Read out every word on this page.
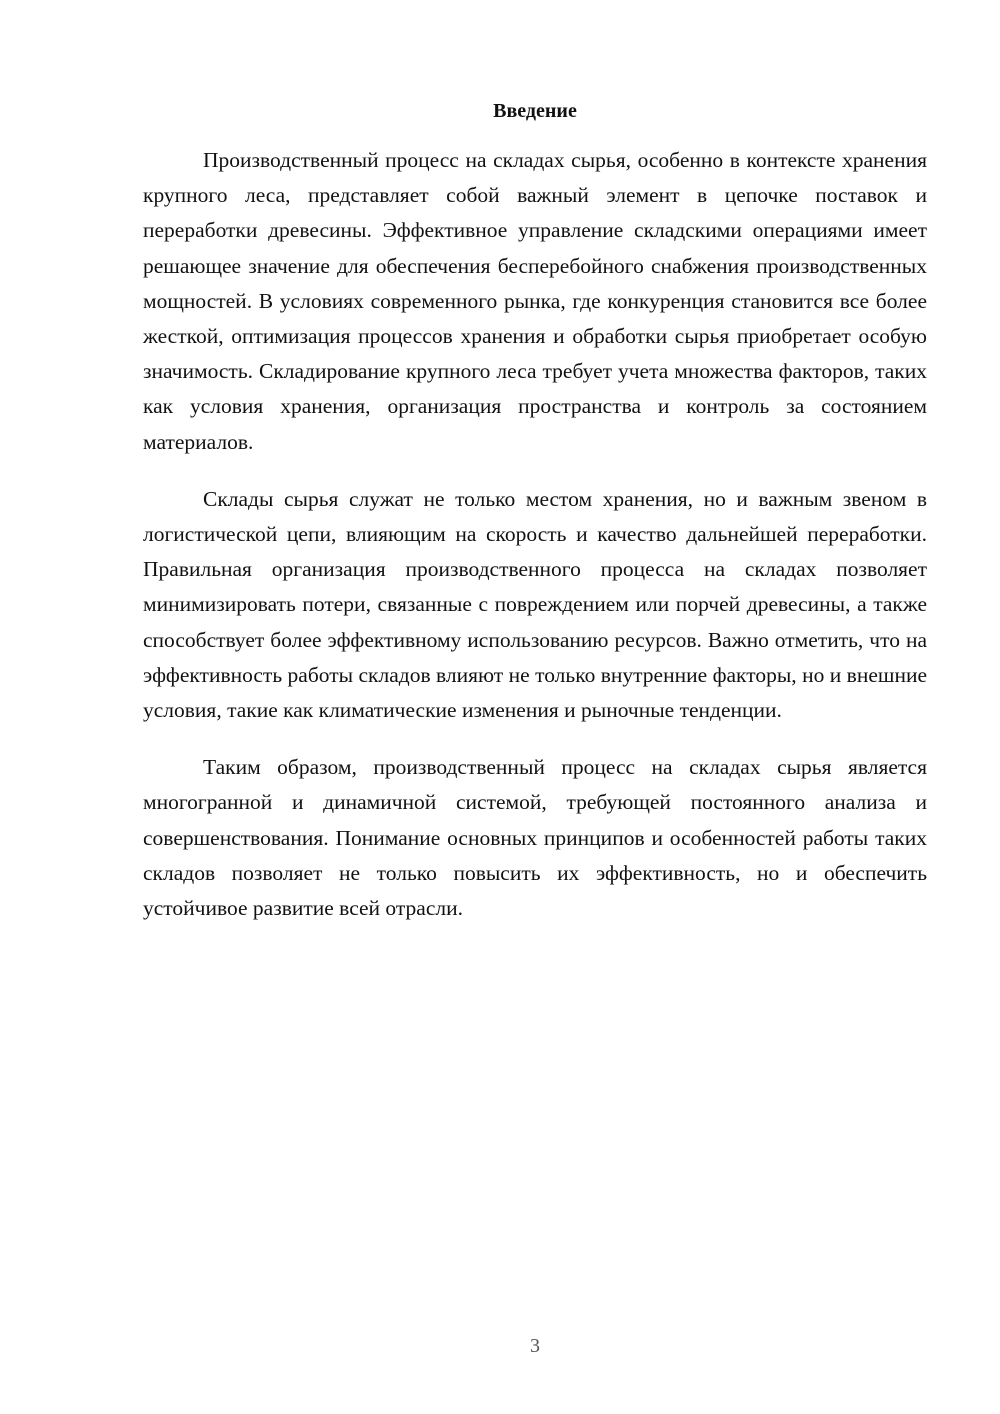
Введение

Производственный процесс на складах сырья, особенно в контексте хранения крупного леса, представляет собой важный элемент в цепочке поставок и переработки древесины. Эффективное управление складскими операциями имеет решающее значение для обеспечения бесперебойного снабжения производственных мощностей. В условиях современного рынка, где конкуренция становится все более жесткой, оптимизация процессов хранения и обработки сырья приобретает особую значимость. Складирование крупного леса требует учета множества факторов, таких как условия хранения, организация пространства и контроль за состоянием материалов.

Склады сырья служат не только местом хранения, но и важным звеном в логистической цепи, влияющим на скорость и качество дальнейшей переработки. Правильная организация производственного процесса на складах позволяет минимизировать потери, связанные с повреждением или порчей древесины, а также способствует более эффективному использованию ресурсов. Важно отметить, что на эффективность работы складов влияют не только внутренние факторы, но и внешние условия, такие как климатические изменения и рыночные тенденции.

Таким образом, производственный процесс на складах сырья является многогранной и динамичной системой, требующей постоянного анализа и совершенствования. Понимание основных принципов и особенностей работы таких складов позволяет не только повысить их эффективность, но и обеспечить устойчивое развитие всей отрасли.

3
